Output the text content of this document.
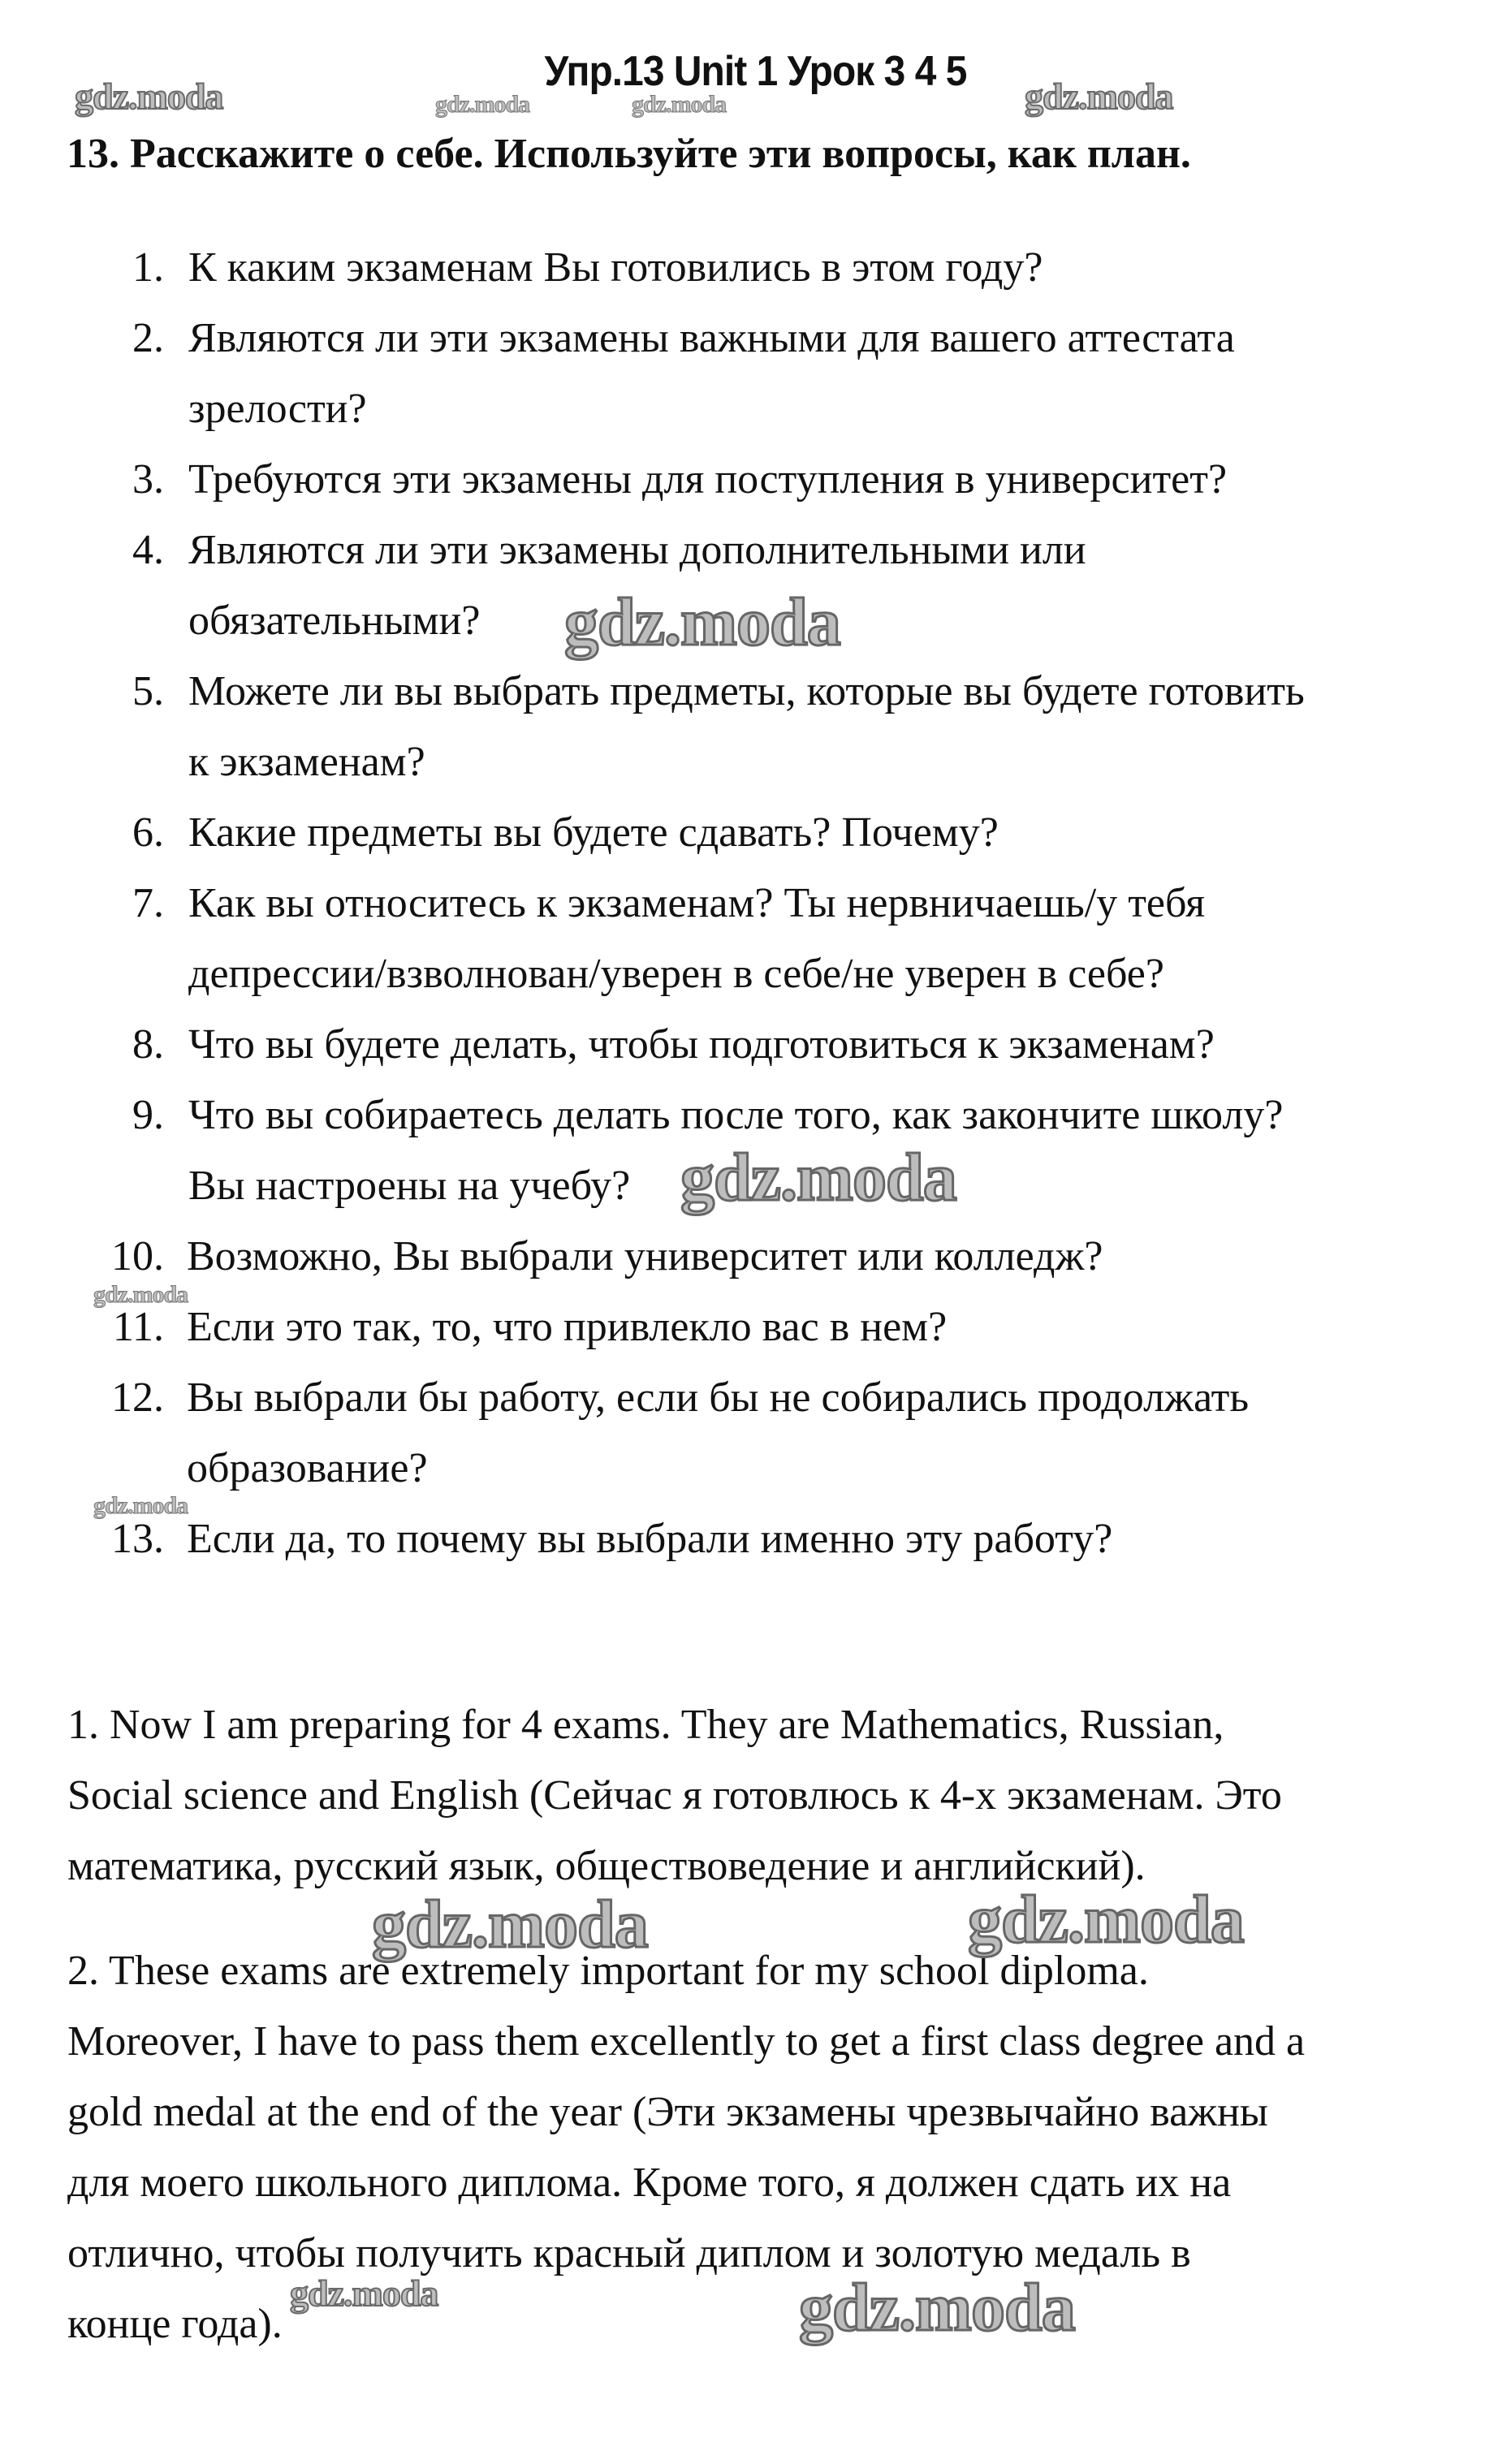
Упр.13 Unit 1 Урок 3 4 5
13. Расскажите о себе. Используйте эти вопросы, как план.
1. К каким экзаменам Вы готовились в этом году?
2. Являются ли эти экзамены важными для вашего аттестата
зрелости?
3. Требуются эти экзамены для поступления в университет?
4. Являются ли эти экзамены дополнительными или
обязательными?
5. Можете ли вы выбрать предметы, которые вы будете готовить
к экзаменам?
6. Какие предметы вы будете сдавать? Почему?
7. Как вы относитесь к экзаменам? Ты нервничаешь/у тебя
депрессии/взволнован/уверен в себе/не уверен в себе?
8. Что вы будете делать, чтобы подготовиться к экзаменам?
9. Что вы собираетесь делать после того, как закончите школу?
Вы настроены на учебу?
10. Возможно, Вы выбрали университет или колледж?
11. Если это так, то, что привлекло вас в нем?
12. Вы выбрали бы работу, если бы не собирались продолжать
образование?
13. Если да, то почему вы выбрали именно эту работу?
1. Now I am preparing for 4 exams. They are Mathematics, Russian,
Social science and English (Сейчас я готовлюсь к 4-х экзаменам. Это
математика, русский язык, обществоведение и английский).
2. These exams are extremely important for my school diploma.
Moreover, I have to pass them excellently to get a first class degree and a
gold medal at the end of the year (Эти экзамены чрезвычайно важны
для моего школьного диплома. Кроме того, я должен сдать их на
отлично, чтобы получить красный диплом и золотую медаль в
конце года).
gdz.moda	gdz.moda	gdz.moda	gdz.moda
gdz.moda
gdz.moda
gdz.moda
gdz.moda
gdz.moda	gdz.moda
gdz.moda	gdz.moda
